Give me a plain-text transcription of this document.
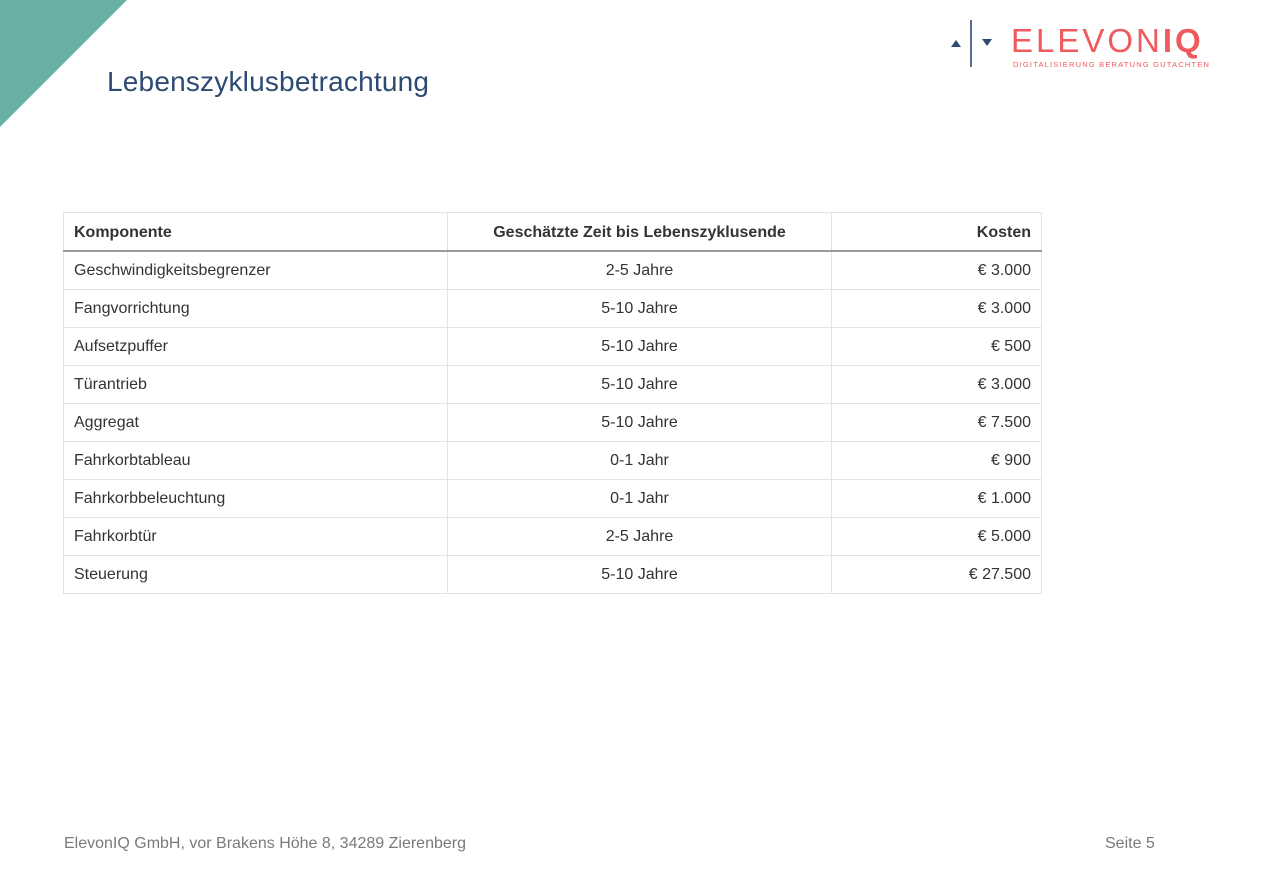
Lebenszyklusbetrachtung
ELEVONIQ
DIGITALISIERUNG BERATUNG GUTACHTEN
Komponente	Geschätzte Zeit bis Lebenszyklusende	Kosten
Geschwindigkeitsbegrenzer	2-5 Jahre	€ 3.000
Fangvorrichtung	5-10 Jahre	€ 3.000
Aufsetzpuffer	5-10 Jahre	€ 500
Türantrieb	5-10 Jahre	€ 3.000
Aggregat	5-10 Jahre	€ 7.500
Fahrkorbtableau	0-1 Jahr	€ 900
Fahrkorbbeleuchtung	0-1 Jahr	€ 1.000
Fahrkorbtür	2-5 Jahre	€ 5.000
Steuerung	5-10 Jahre	€ 27.500
ElevonIQ GmbH, vor Brakens Höhe 8, 34289 Zierenberg	Seite 5
